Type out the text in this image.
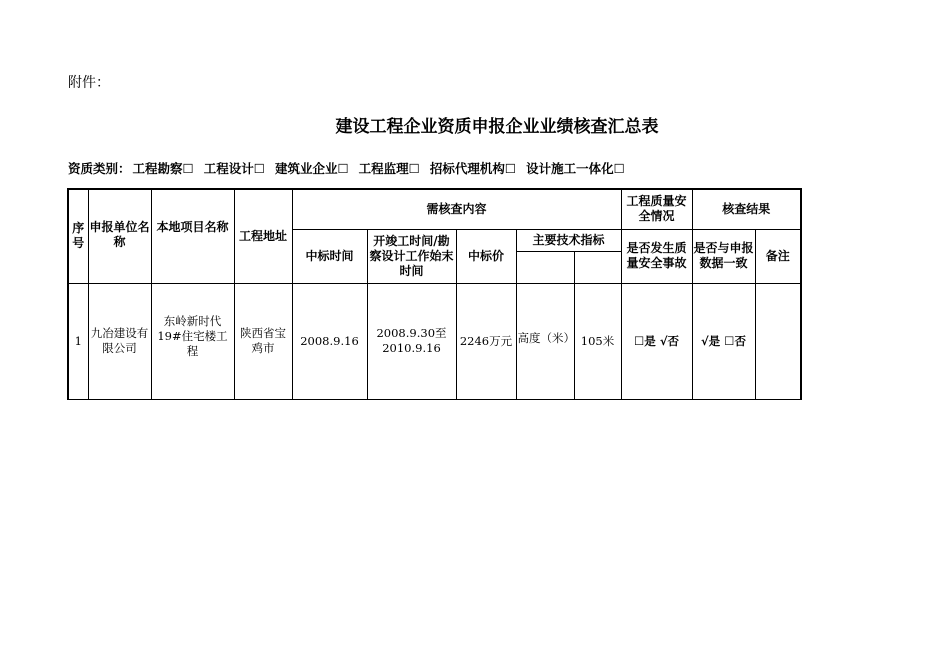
附件：
建设工程企业资质申报企业业绩核查汇总表
资质类别： 工程勘察☐ 工程设计☐ 建筑业企业☐ 工程监理☐ 招标代理机构☐ 设计施工一体化☐
序号	申报单位名称	本地项目名称	工程地址	需核查内容					工程质量安全情况	核查结果	
				中标时间	开竣工时间/勘察设计工作始末时间	中标价	主要技术指标		是否发生质量安全事故	是否与申报数据一致	备注

1	九冶建设有限公司	东岭新时代19#住宅楼工程	陕西省宝鸡市	2008.9.16	2008.9.30至2010.9.16	2246万元	高度（米）	105米	☐是 √否	√是 ☐否	
